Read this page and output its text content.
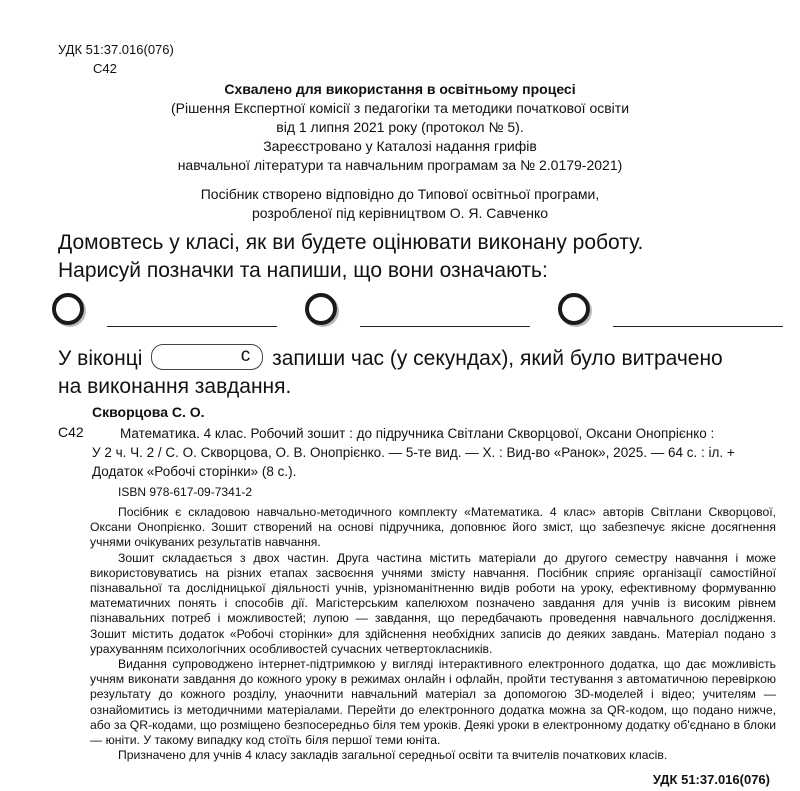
УДК 51:37.016(076)
С42
Схвалено для використання в освітньому процесі
(Рішення Експертної комісії з педагогіки та методики початкової освіти
від 1 липня 2021 року (протокол № 5).
Зареєстровано у Каталозі надання грифів
навчальної літератури та навчальним програмам за № 2.0179-2021)
Посібник створено відповідно до Типової освітньої програми,
розробленої під керівництвом О. Я. Савченко
Домовтесь у класі, як ви будете оцінювати виконану роботу.
Нарисуй позначки та напиши, що вони означають:
У віконці	с запиши час (у секундах), який було витрачено
на виконання завдання.
Скворцова С. О.
С42	Математика. 4 клас. Робочий зошит : до підручника Світлани Скворцової, Оксани Онопрієнко :
У 2 ч. Ч. 2 / С. О. Скворцова, О. В. Онопрієнко. — 5-те вид. — Х. : Вид-во «Ранок», 2025. — 64 с. : іл. +
Додаток «Робочі сторінки» (8 с.).
ISBN 978-617-09-7341-2

Посібник є складовою навчально-методичного комплекту «Математика. 4 клас» авторів Світлани Скворцової, Оксани Онопрієнко. Зошит створений на основі підручника, доповнює його зміст, що забезпечує якісне досягнення учнями очікуваних результатів навчання.

Зошит складається з двох частин. Друга частина містить матеріали до другого семестру навчання і може використовуватись на різних етапах засвоєння учнями змісту навчання. Посібник сприяє організації самостійної пізнавальної та дослідницької діяльності учнів, урізноманітненню видів роботи на уроку, ефективному формуванню математичних понять і способів дії. Магістерським капелюхом позначено завдання для учнів із високим рівнем пізнавальних потреб і можливостей; лупою — завдання, що передбачають проведення навчального дослідження. Зошит містить додаток «Робочі сторінки» для здійснення необхідних записів до деяких завдань. Матеріал подано з урахуванням психологічних особливостей сучасних четвертокласників.

Видання супроводжено інтернет-підтримкою у вигляді інтерактивного електронного додатка, що дає можливість учням виконати завдання до кожного уроку в режимах онлайн і офлайн, пройти тестування з автоматичною перевіркою результату до кожного розділу, унаочнити навчальний матеріал за допомогою 3D-моделей і відео; учителям — ознайомитись із методичними матеріалами. Перейти до електронного додатка можна за QR-кодом, що подано нижче, або за QR-кодами, що розміщено безпосередньо біля тем уроків. Деякі уроки в електронному додатку об'єднано в блоки — юніти. У такому випадку код стоїть біля першої теми юніта.

Призначено для учнів 4 класу закладів загальної середньої освіти та вчителів початкових класів.

УДК 51:37.016(076)
